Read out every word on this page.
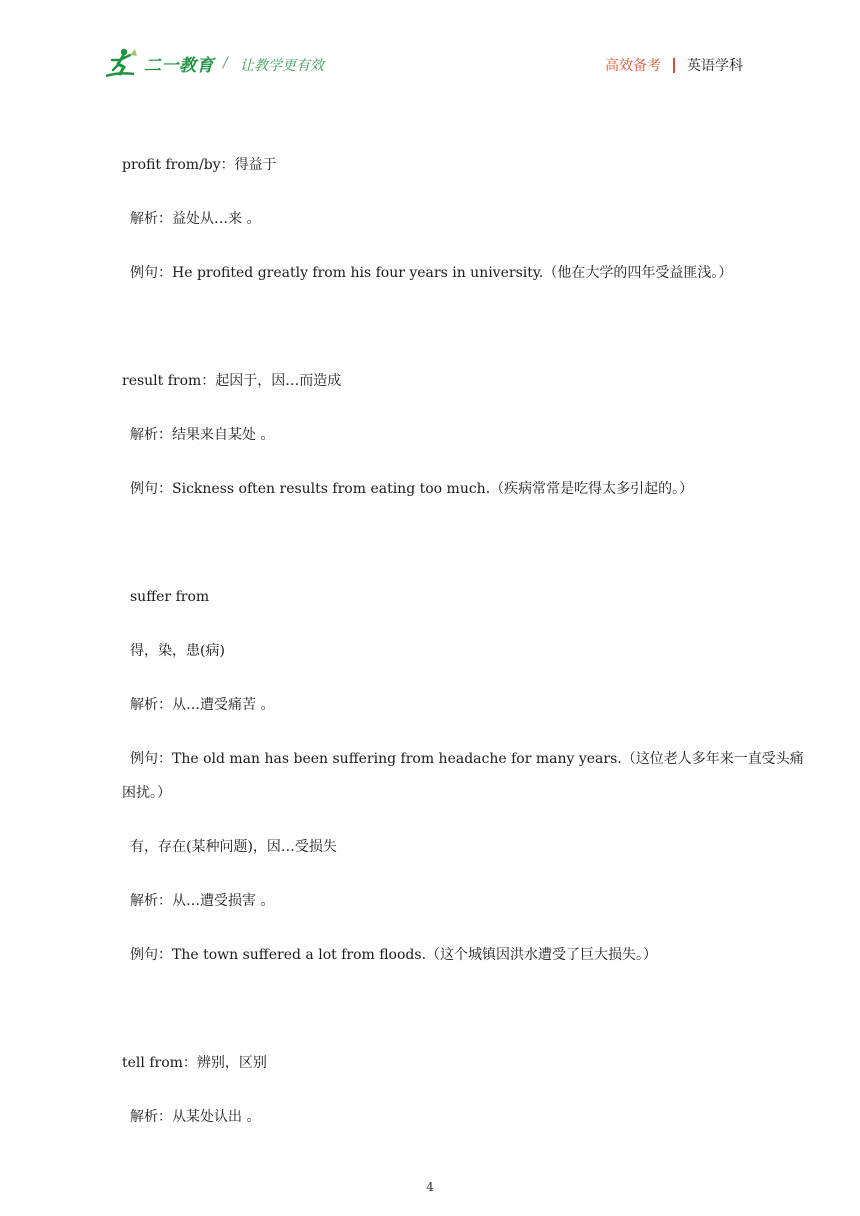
二一教育 / 让教学更有效	高效备考 英语学科
profit from/by：得益于
解析：益处从…来 。
例句：He profited greatly from his four years in university.（他在大学的四年受益匪浅。）
result from：起因于，因…而造成
解析：结果来自某处 。
例句：Sickness often results from eating too much.（疾病常常是吃得太多引起的。）
suffer from
得，染，患(病)
解析：从…遭受痛苦 。
例句：The old man has been suffering from headache for many years.（这位老人多年来一直受头痛
困扰。）
有，存在(某种问题)，因…受损失
解析：从…遭受损害 。
例句：The town suffered a lot from floods.（这个城镇因洪水遭受了巨大损失。）
tell from：辨别，区别
解析：从某处认出 。
4
